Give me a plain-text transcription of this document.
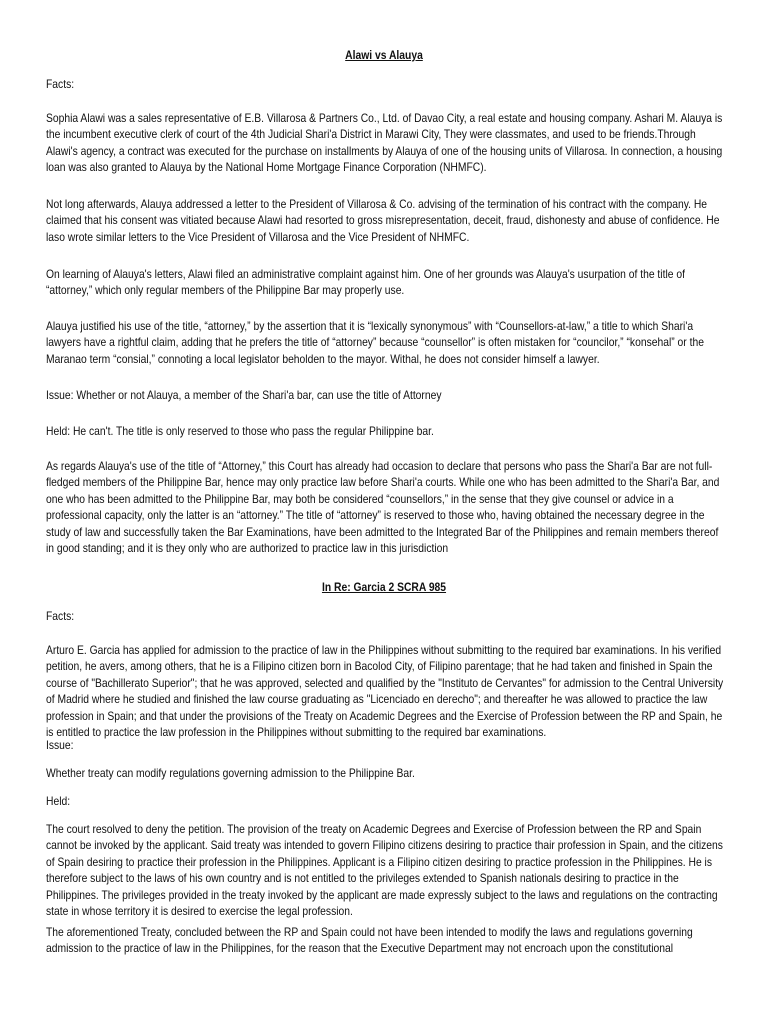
Alawi vs Alauya

Facts:

Sophia Alawi was a sales representative of E.B. Villarosa & Partners Co., Ltd. of Davao City, a real estate and housing company. Ashari M. Alauya is the incumbent executive clerk of court of the 4th Judicial Shari'a District in Marawi City, They were classmates, and used to be friends.Through Alawi's agency, a contract was executed for the purchase on installments by Alauya of one of the housing units of Villarosa. In connection, a housing loan was also granted to Alauya by the National Home Mortgage Finance Corporation (NHMFC).

Not long afterwards, Alauya addressed a letter to the President of Villarosa & Co. advising of the termination of his contract with the company. He claimed that his consent was vitiated because Alawi had resorted to gross misrepresentation, deceit, fraud, dishonesty and abuse of confidence. He laso wrote similar letters to the Vice President of Villarosa and the Vice President of NHMFC.

On learning of Alauya's letters, Alawi filed an administrative complaint against him. One of her grounds was Alauya's usurpation of the title of “attorney,” which only regular members of the Philippine Bar may properly use.

Alauya justified his use of the title, “attorney,” by the assertion that it is “lexically synonymous” with “Counsellors-at-law,” a title to which Shari'a lawyers have a rightful claim, adding that he prefers the title of “attorney” because “counsellor” is often mistaken for “councilor,” “konsehal” or the Maranao term “consial,” connoting a local legislator beholden to the mayor. Withal, he does not consider himself a lawyer.

Issue: Whether or not Alauya, a member of the Shari'a bar, can use the title of Attorney

Held: He can't. The title is only reserved to those who pass the regular Philippine bar.

As regards Alauya's use of the title of “Attorney,” this Court has already had occasion to declare that persons who pass the Shari'a Bar are not full-fledged members of the Philippine Bar, hence may only practice law before Shari'a courts. While one who has been admitted to the Shari'a Bar, and one who has been admitted to the Philippine Bar, may both be considered “counsellors,” in the sense that they give counsel or advice in a professional capacity, only the latter is an “attorney.” The title of “attorney” is reserved to those who, having obtained the necessary degree in the study of law and successfully taken the Bar Examinations, have been admitted to the Integrated Bar of the Philippines and remain members thereof in good standing; and it is they only who are authorized to practice law in this jurisdiction

In Re: Garcia 2 SCRA 985

Facts:

Arturo E. Garcia has applied for admission to the practice of law in the Philippines without submitting to the required bar examinations. In his verified petition, he avers, among others, that he is a Filipino citizen born in Bacolod City, of Filipino parentage; that he had taken and finished in Spain the course of "Bachillerato Superior"; that he was approved, selected and qualified by the "Instituto de Cervantes" for admission to the Central University of Madrid where he studied and finished the law course graduating as "Licenciado en derecho"; and thereafter he was allowed to practice the law profession in Spain; and that under the provisions of the Treaty on Academic Degrees and the Exercise of Profession between the RP and Spain, he is entitled to practice the law profession in the Philippines without submitting to the required bar examinations.

Issue:

Whether treaty can modify regulations governing admission to the Philippine Bar.

Held:

The court resolved to deny the petition. The provision of the treaty on Academic Degrees and Exercise of Profession between the RP and Spain cannot be invoked by the applicant. Said treaty was intended to govern Filipino citizens desiring to practice thair profession in Spain, and the citizens of Spain desiring to practice their profession in the Philippines. Applicant is a Filipino citizen desiring to practice profession in the Philippines. He is therefore subject to the laws of his own country and is not entitled to the privileges extended to Spanish nationals desiring to practice in the Philippines. The privileges provided in the treaty invoked by the applicant are made expressly subject to the laws and regulations on the contracting state in whose territory it is desired to exercise the legal profession.

The aforementioned Treaty, concluded between the RP and Spain could not have been intended to modify the laws and regulations governing admission to the practice of law in the Philippines, for the reason that the Executive Department may not encroach upon the constitutional
